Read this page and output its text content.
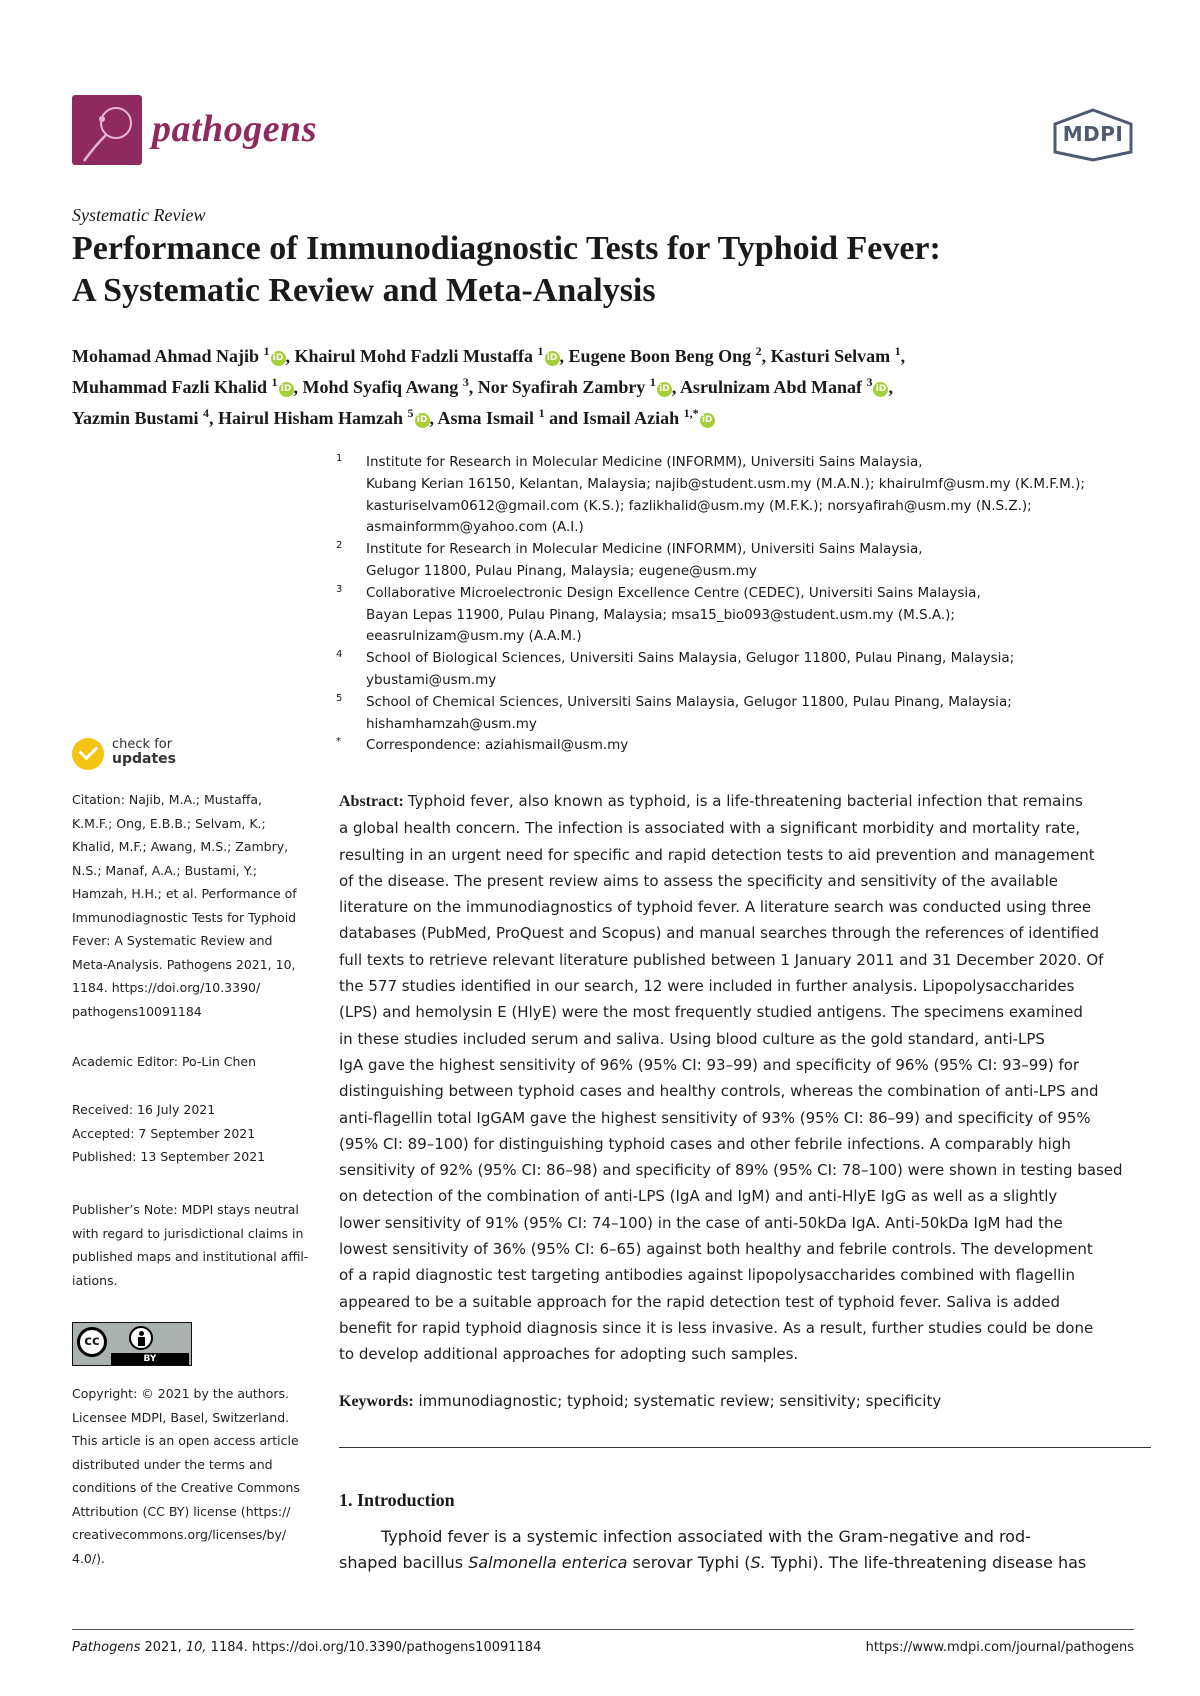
pathogens	MDPI
Systematic Review
Performance of Immunodiagnostic Tests for Typhoid Fever:
A Systematic Review and Meta-Analysis
Mohamad Ahmad Najib $^1$ iD , Khairul Mohd Fadzli Mustaffa $^1$ iD , Eugene Boon Beng Ong $^2$, Kasturi Selvam $^1$,
Muhammad Fazli Khalid $^1$ iD , Mohd Syafiq Awang $^3$, Nor Syafirah Zambry $^1$ iD , Asrulnizam Abd Manaf $^3$ iD ,
Yazmin Bustami $^4$, Hairul Hisham Hamzah $^5$ iD , Asma Ismail $^1$ and Ismail Aziah $^{1,*}$ iD
1 Institute for Research in Molecular Medicine (INFORMM), Universiti Sains Malaysia,
Kubang Kerian 16150, Kelantan, Malaysia; najib@student.usm.my (M.A.N.); khairulmf@usm.my (K.M.F.M.);
kasturiselvam0612@gmail.com (K.S.); fazlikhalid@usm.my (M.F.K.); norsyafirah@usm.my (N.S.Z.);
asmainformm@yahoo.com (A.I.)
2 Institute for Research in Molecular Medicine (INFORMM), Universiti Sains Malaysia,
Gelugor 11800, Pulau Pinang, Malaysia; eugene@usm.my
3 Collaborative Microelectronic Design Excellence Centre (CEDEC), Universiti Sains Malaysia,
Bayan Lepas 11900, Pulau Pinang, Malaysia; msa15_bio093@student.usm.my (M.S.A.);
eeasrulnizam@usm.my (A.A.M.)
4 School of Biological Sciences, Universiti Sains Malaysia, Gelugor 11800, Pulau Pinang, Malaysia;
ybustami@usm.my
5 School of Chemical Sciences, Universiti Sains Malaysia, Gelugor 11800, Pulau Pinang, Malaysia;
hishamhamzah@usm.my
* Correspondence: aziahismail@usm.my
check for
updates
Citation: Najib, M.A.; Mustaffa,
K.M.F.; Ong, E.B.B.; Selvam, K.;
Khalid, M.F.; Awang, M.S.; Zambry,
N.S.; Manaf, A.A.; Bustami, Y.;
Hamzah, H.H.; et al. Performance of
Immunodiagnostic Tests for Typhoid
Fever: A Systematic Review and
Meta-Analysis. Pathogens 2021, 10,
1184. https://doi.org/10.3390/
pathogens10091184
Academic Editor: Po-Lin Chen
Received: 16 July 2021
Accepted: 7 September 2021
Published: 13 September 2021
Publisher’s Note: MDPI stays neutral
with regard to jurisdictional claims in
published maps and institutional affil-
iations.
cc
BY
Copyright: © 2021 by the authors.
Licensee MDPI, Basel, Switzerland.
This article is an open access article
distributed under the terms and
conditions of the Creative Commons
Attribution (CC BY) license (https://
creativecommons.org/licenses/by/
4.0/).
Abstract: Typhoid fever, also known as typhoid, is a life-threatening bacterial infection that remains
a global health concern. The infection is associated with a significant morbidity and mortality rate,
resulting in an urgent need for specific and rapid detection tests to aid prevention and management
of the disease. The present review aims to assess the specificity and sensitivity of the available
literature on the immunodiagnostics of typhoid fever. A literature search was conducted using three
databases (PubMed, ProQuest and Scopus) and manual searches through the references of identified
full texts to retrieve relevant literature published between 1 January 2011 and 31 December 2020. Of
the 577 studies identified in our search, 12 were included in further analysis. Lipopolysaccharides
(LPS) and hemolysin E (HlyE) were the most frequently studied antigens. The specimens examined
in these studies included serum and saliva. Using blood culture as the gold standard, anti-LPS
IgA gave the highest sensitivity of 96% (95% CI: 93–99) and specificity of 96% (95% CI: 93–99) for
distinguishing between typhoid cases and healthy controls, whereas the combination of anti-LPS and
anti-flagellin total IgGAM gave the highest sensitivity of 93% (95% CI: 86–99) and specificity of 95%
(95% CI: 89–100) for distinguishing typhoid cases and other febrile infections. A comparably high
sensitivity of 92% (95% CI: 86–98) and specificity of 89% (95% CI: 78–100) were shown in testing based
on detection of the combination of anti-LPS (IgA and IgM) and anti-HlyE IgG as well as a slightly
lower sensitivity of 91% (95% CI: 74–100) in the case of anti-50kDa IgA. Anti-50kDa IgM had the
lowest sensitivity of 36% (95% CI: 6–65) against both healthy and febrile controls. The development
of a rapid diagnostic test targeting antibodies against lipopolysaccharides combined with flagellin
appeared to be a suitable approach for the rapid detection test of typhoid fever. Saliva is added
benefit for rapid typhoid diagnosis since it is less invasive. As a result, further studies could be done
to develop additional approaches for adopting such samples.
Keywords: immunodiagnostic; typhoid; systematic review; sensitivity; specificity
1. Introduction
Typhoid fever is a systemic infection associated with the Gram-negative and rod-
shaped bacillus Salmonella enterica serovar Typhi (S. Typhi). The life-threatening disease has
Pathogens 2021, 10, 1184. https://doi.org/10.3390/pathogens10091184	https://www.mdpi.com/journal/pathogens
